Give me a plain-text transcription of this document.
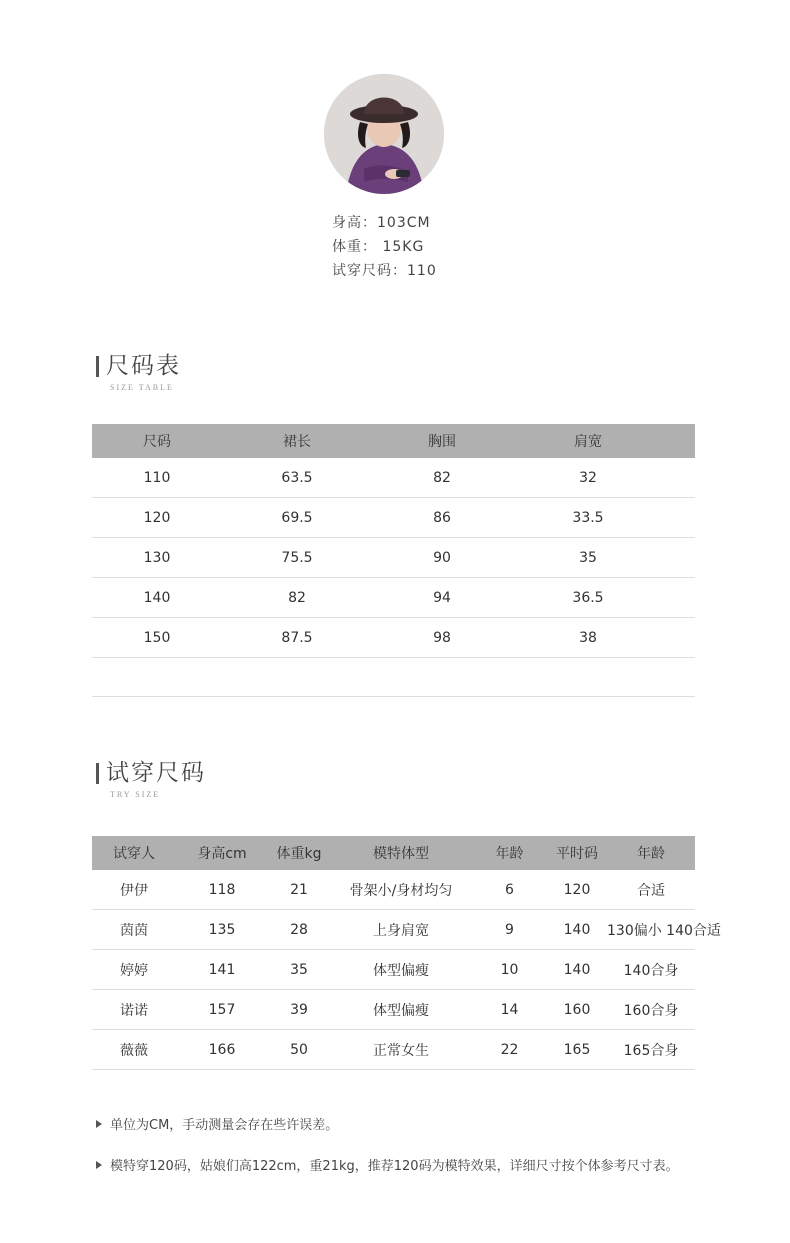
身高：103CM
体重： 15KG
试穿尺码：110
尺码表
SIZE TABLE
尺码	裙长	胸围	肩宽	
110	63.5	82	32	
120	69.5	86	33.5	
130	75.5	90	35	
140	82	94	36.5	
150	87.5	98	38	
试穿尺码
TRY SIZE
试穿人	身高cm	体重kg	模特体型	年龄	平时码	年龄
伊伊	118	21	骨架小/身材均匀	6	120	合适
茵茵	135	28	上身肩宽	9	140	130偏小 140合适
婷婷	141	35	体型偏瘦	10	140	140合身
诺诺	157	39	体型偏瘦	14	160	160合身
薇薇	166	50	正常女生	22	165	165合身
单位为CM，手动测量会存在些许误差。
模特穿120码，姑娘们高122cm，重21kg，推荐120码为模特效果，详细尺寸按个体参考尺寸表。
